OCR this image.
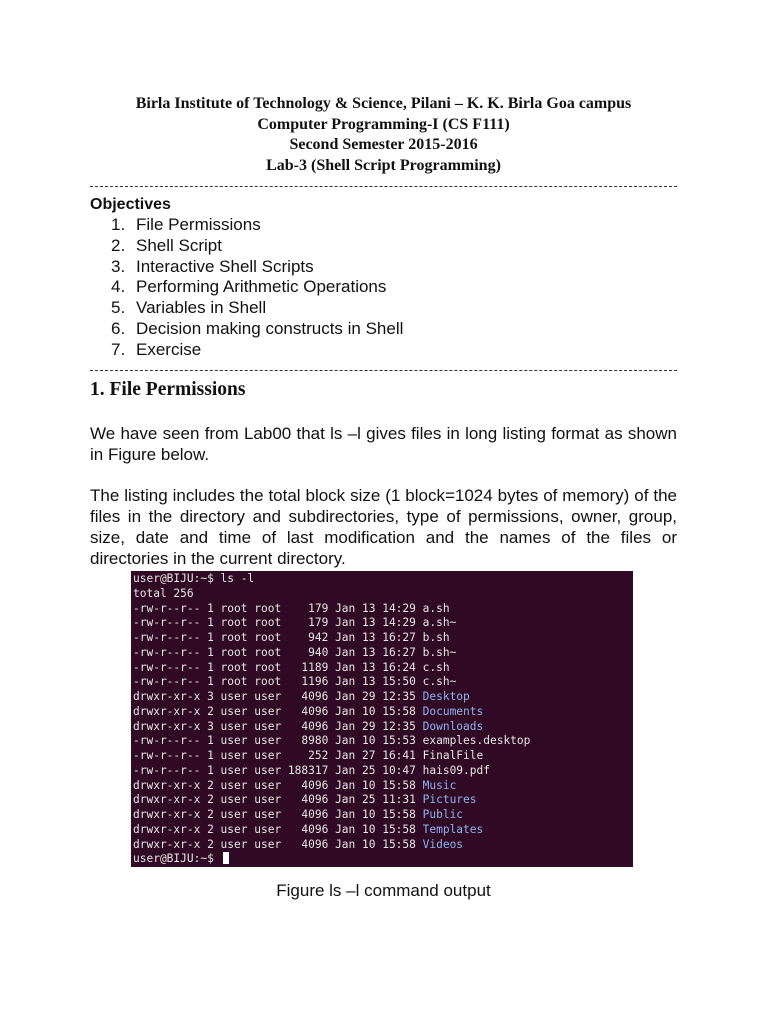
Birla Institute of Technology & Science, Pilani – K. K. Birla Goa campus
Computer Programming-I (CS F111)
Second Semester 2015-2016
Lab-3 (Shell Script Programming)
Objectives
1. File Permissions
2. Shell Script
3. Interactive Shell Scripts
4. Performing Arithmetic Operations
5. Variables in Shell
6. Decision making constructs in Shell
7. Exercise
1. File Permissions

We have seen from Lab00 that ls –l gives files in long listing format as shown in Figure below.

The listing includes the total block size (1 block=1024 bytes of memory) of the files in the directory and subdirectories, type of permissions, owner, group, size, date and time of last modification and the names of the files or directories in the current directory.

user@BIJU:~$ ls -l
total 256
-rw-r--r-- 1 root root    179 Jan 13 14:29 a.sh
-rw-r--r-- 1 root root    179 Jan 13 14:29 a.sh~
-rw-r--r-- 1 root root    942 Jan 13 16:27 b.sh
-rw-r--r-- 1 root root    940 Jan 13 16:27 b.sh~
-rw-r--r-- 1 root root   1189 Jan 13 16:24 c.sh
-rw-r--r-- 1 root root   1196 Jan 13 15:50 c.sh~
drwxr-xr-x 3 user user   4096 Jan 29 12:35 Desktop
drwxr-xr-x 2 user user   4096 Jan 10 15:58 Documents
drwxr-xr-x 3 user user   4096 Jan 29 12:35 Downloads
-rw-r--r-- 1 user user   8980 Jan 10 15:53 examples.desktop
-rw-r--r-- 1 user user    252 Jan 27 16:41 FinalFile
-rw-r--r-- 1 user user 188317 Jan 25 10:47 hais09.pdf
drwxr-xr-x 2 user user   4096 Jan 10 15:58 Music
drwxr-xr-x 2 user user   4096 Jan 25 11:31 Pictures
drwxr-xr-x 2 user user   4096 Jan 10 15:58 Public
drwxr-xr-x 2 user user   4096 Jan 10 15:58 Templates
drwxr-xr-x 2 user user   4096 Jan 10 15:58 Videos
user@BIJU:~$
Figure ls –l command output
